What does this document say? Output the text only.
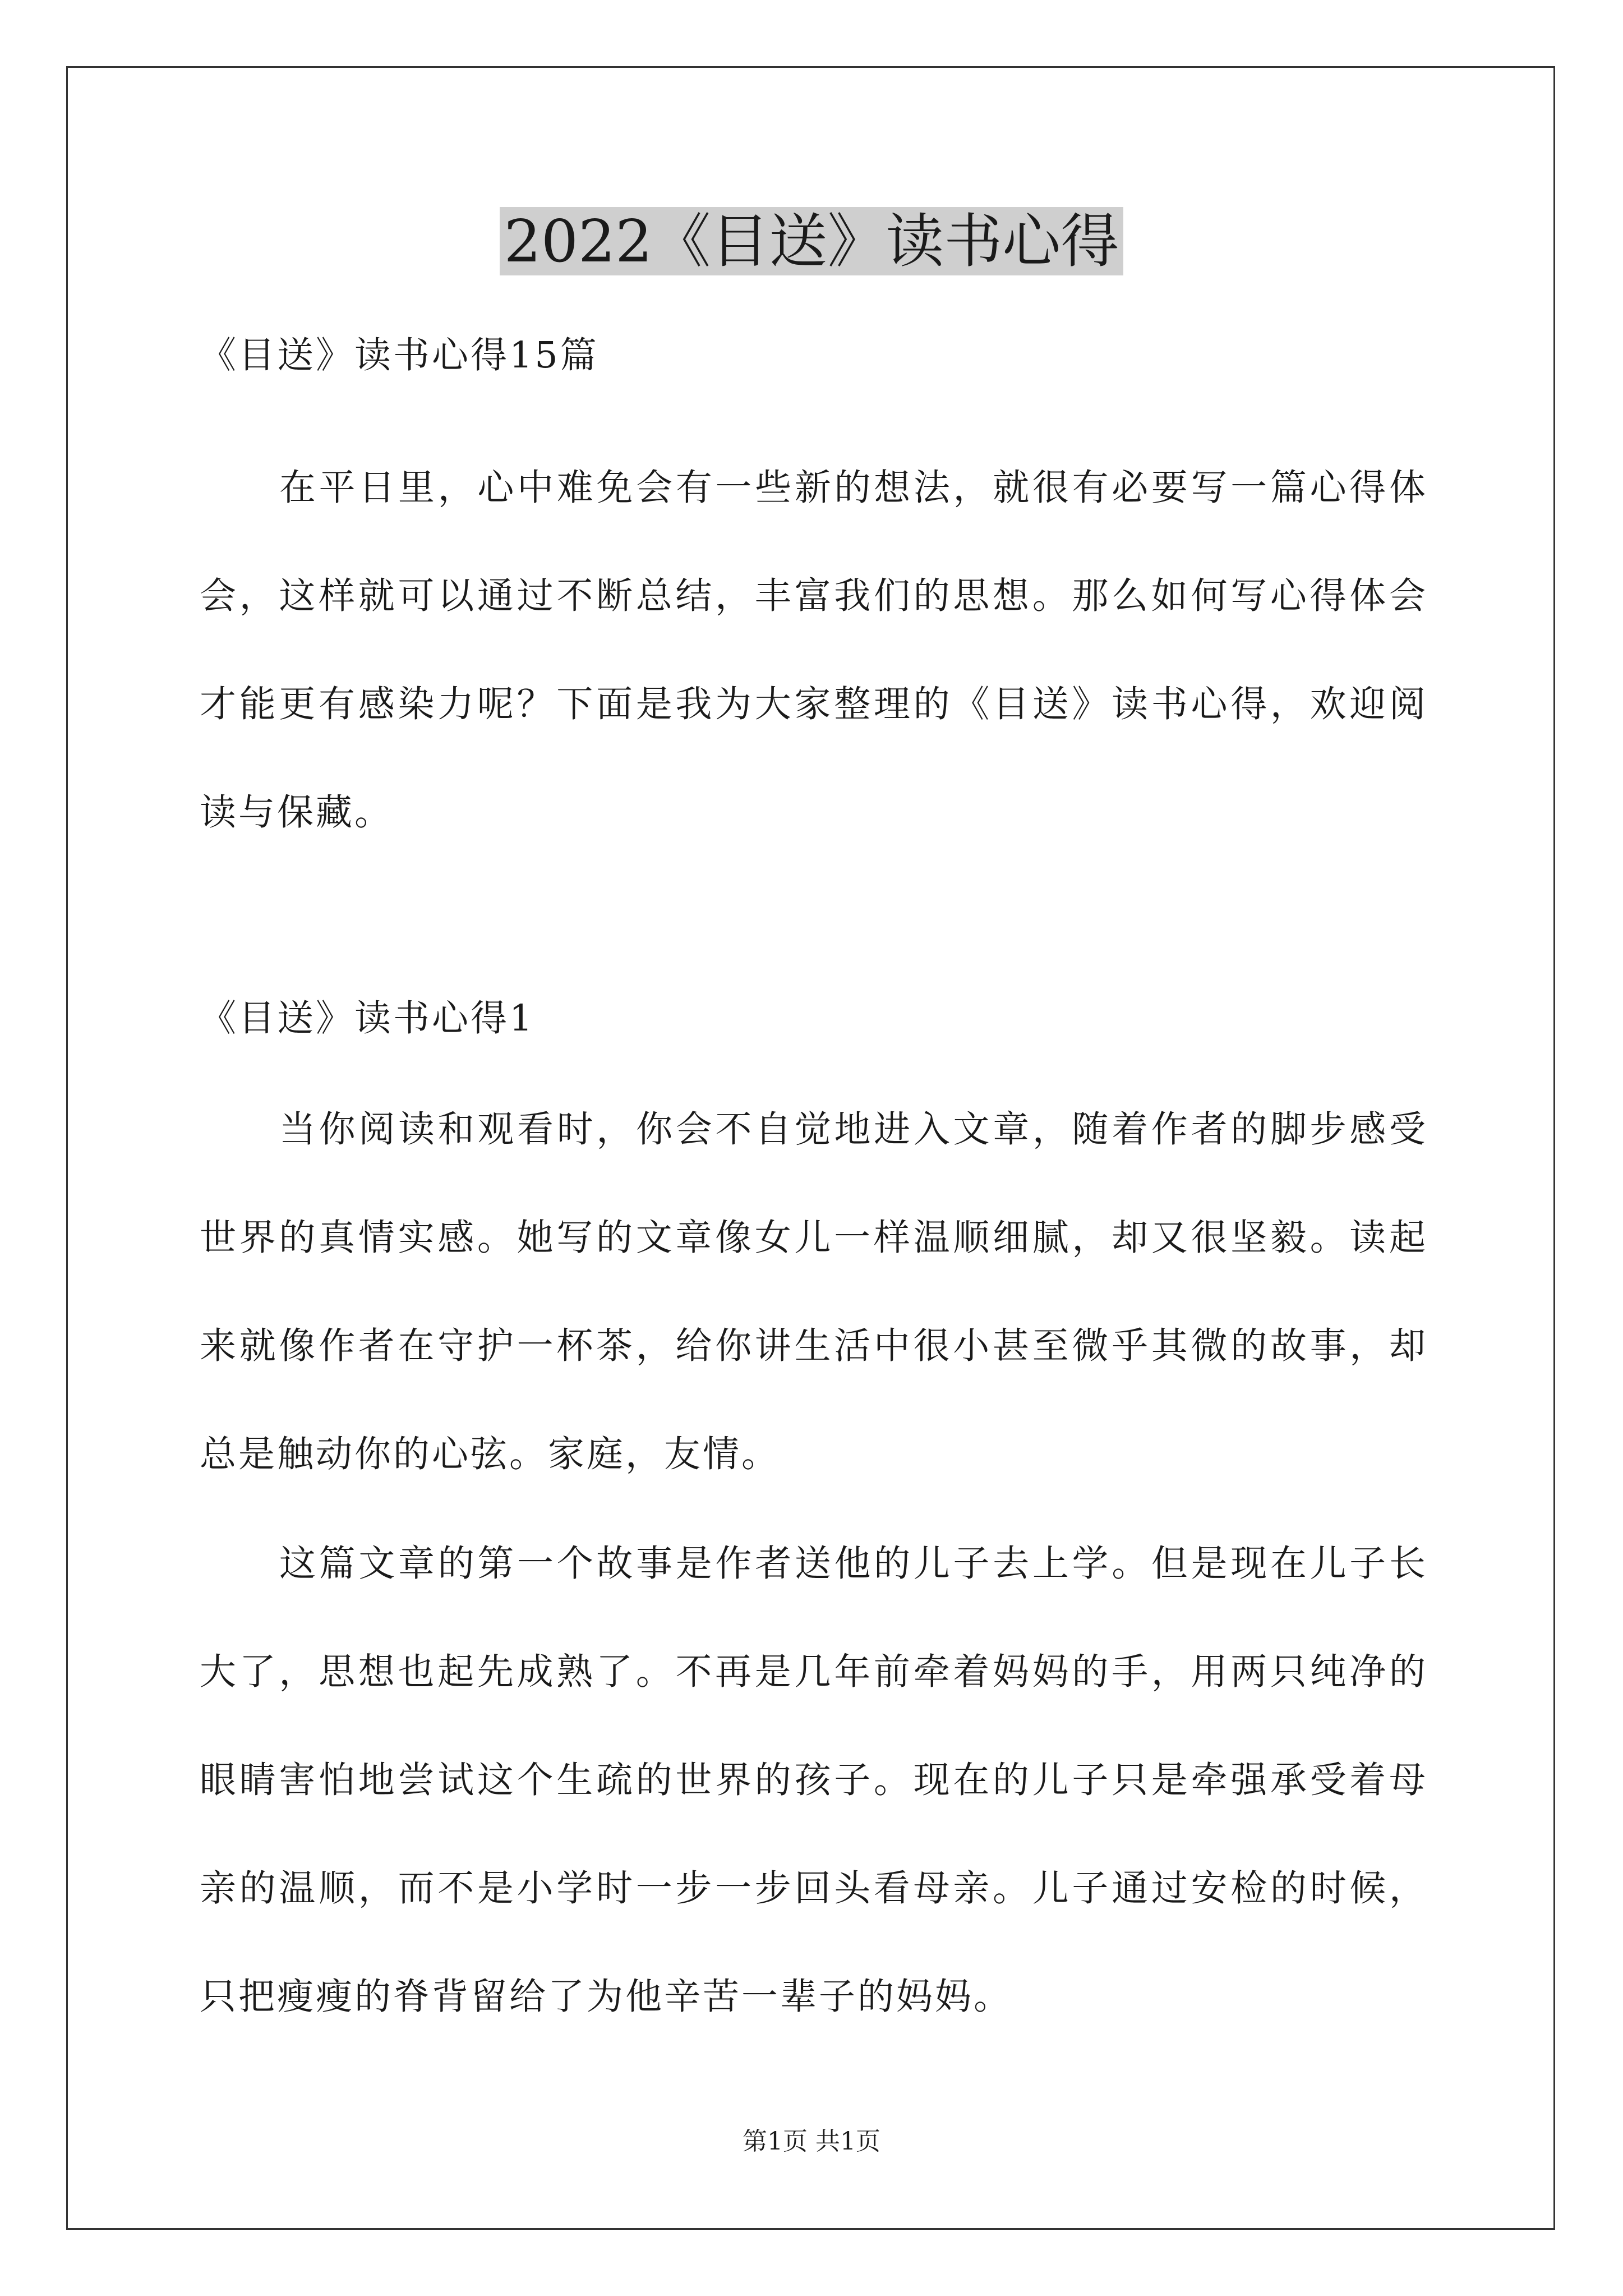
2022《目送》读书心得

《目送》读书心得15篇

在平日里，心中难免会有一些新的想法，就很有必要写一篇心得体会，这样就可以通过不断总结，丰富我们的思想。那么如何写心得体会才能更有感染力呢？下面是我为大家整理的《目送》读书心得，欢迎阅读与保藏。

《目送》读书心得1

当你阅读和观看时，你会不自觉地进入文章，随着作者的脚步感受世界的真情实感。她写的文章像女儿一样温顺细腻，却又很坚毅。读起来就像作者在守护一杯茶，给你讲生活中很小甚至微乎其微的故事，却总是触动你的心弦。家庭，友情。

这篇文章的第一个故事是作者送他的儿子去上学。但是现在儿子长大了，思想也起先成熟了。不再是几年前牵着妈妈的手，用两只纯净的眼睛害怕地尝试这个生疏的世界的孩子。现在的儿子只是牵强承受着母亲的温顺，而不是小学时一步一步回头看母亲。儿子通过安检的时候，只把瘦瘦的脊背留给了为他辛苦一辈子的妈妈。

第1页 共1页
